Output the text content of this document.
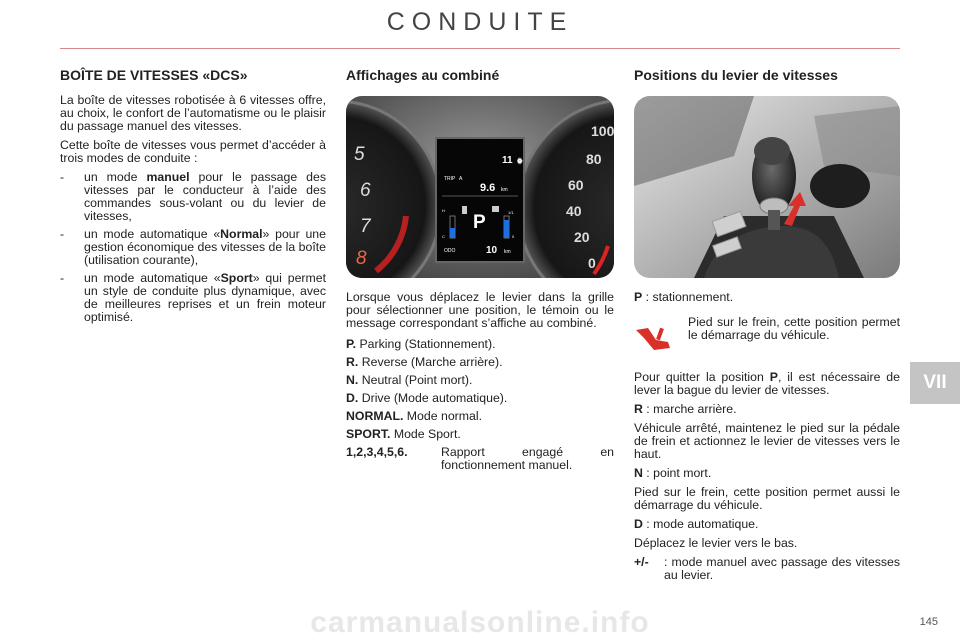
CONDUITE
BOÎTE DE VITESSES «DCS»

La boîte de vitesses robotisée à 6 vitesses offre, au choix, le confort de l’automatisme ou le plaisir du passage manuel des vitesses.

Cette boîte de vitesses vous permet d’accéder à trois modes de conduite :

-	un mode manuel pour le passage des vitesses par le conducteur à l’aide des commandes sous-volant ou du levier de vitesses,
-	un mode automatique «Normal» pour une gestion économique des vitesses de la boîte (utilisation courante),
-	un mode automatique «Sport» qui permet un style de conduite plus dynamique, avec de meilleures reprises et un frein moteur optimisé.
Affichages au combiné
5
6
7
8
100
80
60
40
20
0
11
TRIP A
9.6 km
P
H
C
1/1
0
ODO	10 km
⌚

Lorsque vous déplacez le levier dans la grille pour sélectionner une position, le témoin ou le message correspondant s’affiche au combiné.

P. Parking (Stationnement).

R. Reverse (Marche arrière).

N. Neutral (Point mort).

D. Drive (Mode automatique).

NORMAL. Mode normal.

SPORT. Mode Sport.

1,2,3,4,5,6.	Rapport engagé en fonctionnement manuel.
Positions du levier de vitesses

P : stationnement.

Pied sur le frein, cette position permet le démarrage du véhicule.

Pour quitter la position P, il est nécessaire de lever la bague du levier de vitesses.

R : marche arrière.

Véhicule arrêté, maintenez le pied sur la pédale de frein et actionnez le levier de vitesses vers le haut.

N : point mort.

Pied sur le frein, cette position permet aussi le démarrage du véhicule.

D : mode automatique.

Déplacez le levier vers le bas.

+/-	: mode manuel avec passage des vitesses au levier.
VII
145
carmanualsonline.info
